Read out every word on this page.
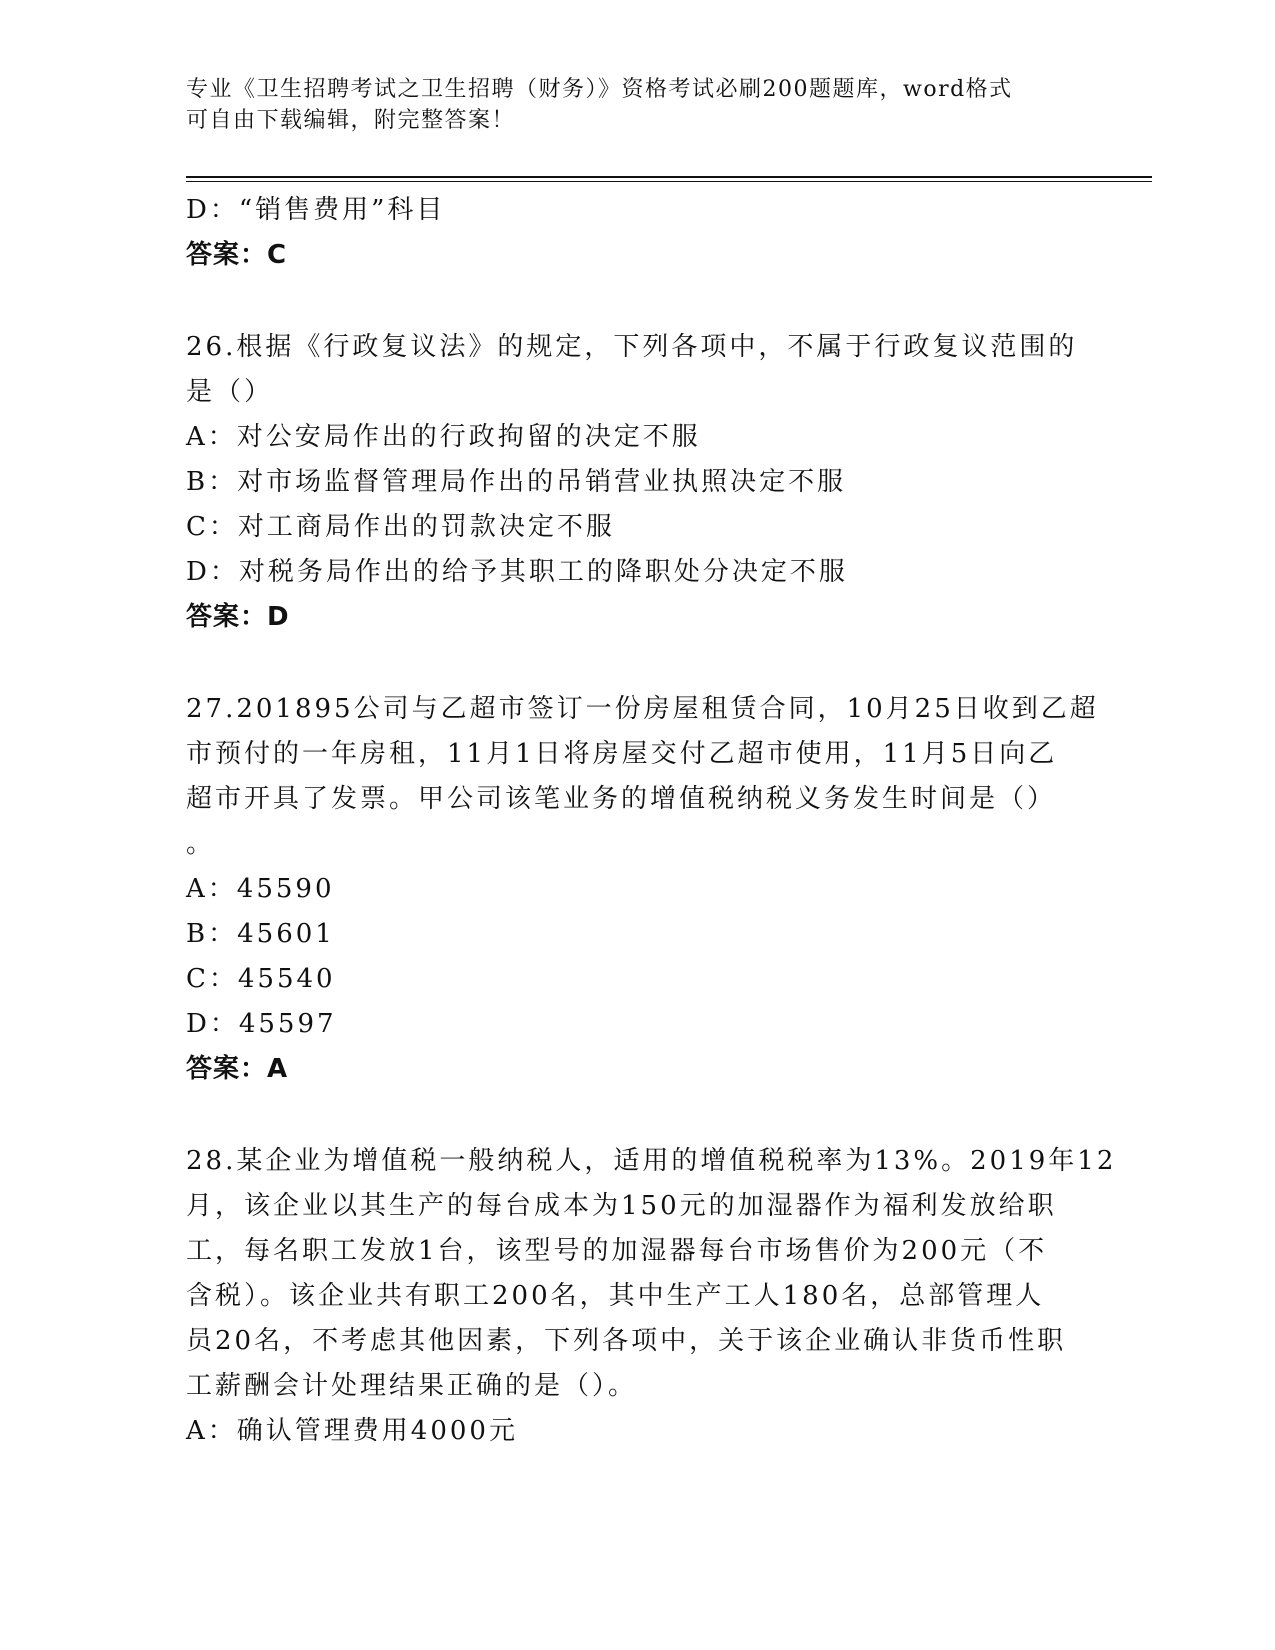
专业《卫生招聘考试之卫生招聘（财务）》资格考试必刷200题题库，word格式
可自由下载编辑，附完整答案！
D：“销售费用”科目
答案：C
26.根据《行政复议法》的规定，下列各项中，不属于行政复议范围的
是（）
A：对公安局作出的行政拘留的决定不服
B：对市场监督管理局作出的吊销营业执照决定不服
C：对工商局作出的罚款决定不服
D：对税务局作出的给予其职工的降职处分决定不服
答案：D
27.201895公司与乙超市签订一份房屋租赁合同，10月25日收到乙超
市预付的一年房租，11月1日将房屋交付乙超市使用，11月5日向乙
超市开具了发票。甲公司该笔业务的增值税纳税义务发生时间是（）
。
A：45590
B：45601
C：45540
D：45597
答案：A
28.某企业为增值税一般纳税人，适用的增值税税率为13%。2019年12
月，该企业以其生产的每台成本为150元的加湿器作为福利发放给职
工，每名职工发放1台，该型号的加湿器每台市场售价为200元（不
含税）。该企业共有职工200名，其中生产工人180名，总部管理人
员20名，不考虑其他因素，下列各项中，关于该企业确认非货币性职
工薪酬会计处理结果正确的是（）。
A：确认管理费用4000元
